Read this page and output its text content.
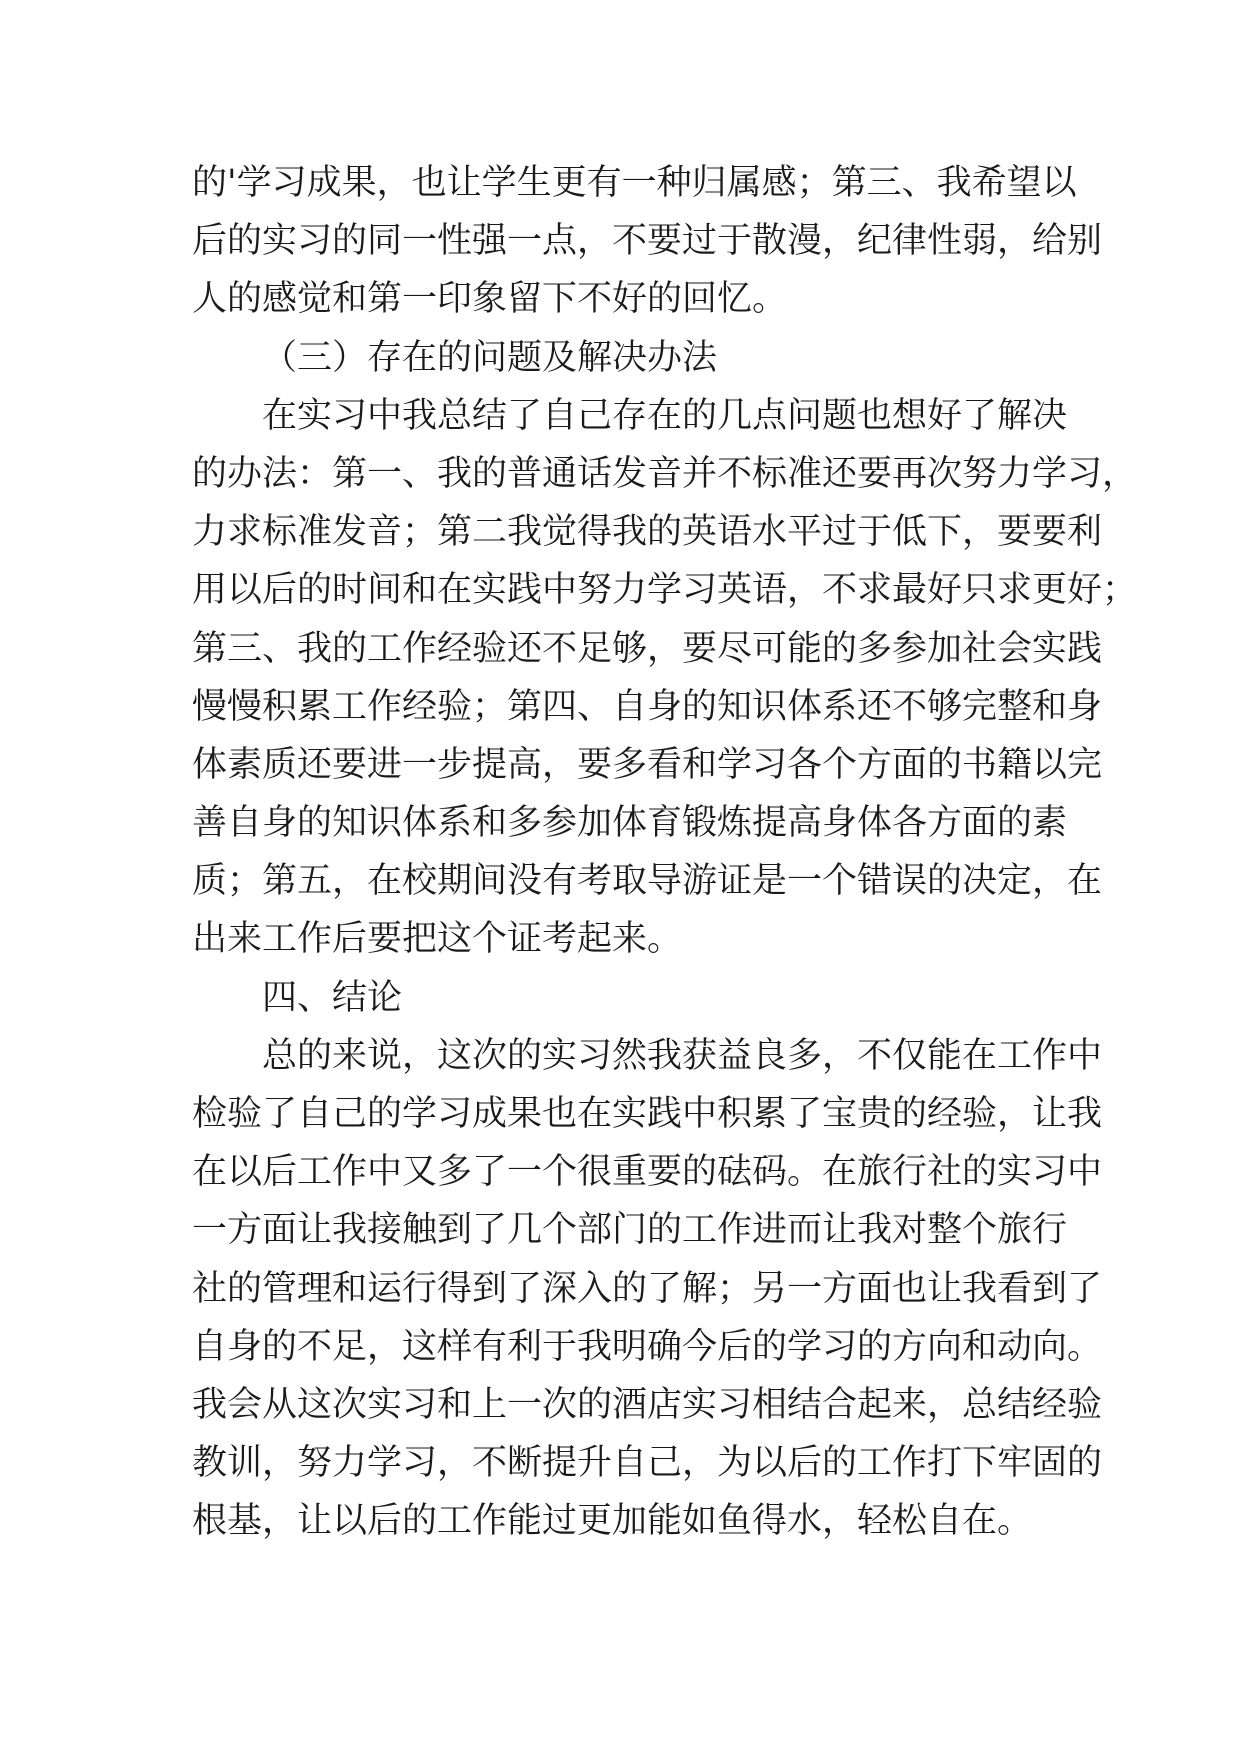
的'学习成果，也让学生更有一种归属感；第三、我希望以
后的实习的同一性强一点，不要过于散漫，纪律性弱，给别
人的感觉和第一印象留下不好的回忆。
（三）存在的问题及解决办法
在实习中我总结了自己存在的几点问题也想好了解决
的办法：第一、我的普通话发音并不标准还要再次努力学习，
力求标准发音；第二我觉得我的英语水平过于低下，要要利
用以后的时间和在实践中努力学习英语，不求最好只求更好；
第三、我的工作经验还不足够，要尽可能的多参加社会实践
慢慢积累工作经验；第四、自身的知识体系还不够完整和身
体素质还要进一步提高，要多看和学习各个方面的书籍以完
善自身的知识体系和多参加体育锻炼提高身体各方面的素
质；第五，在校期间没有考取导游证是一个错误的决定，在
出来工作后要把这个证考起来。
四、结论
总的来说，这次的实习然我获益良多，不仅能在工作中
检验了自己的学习成果也在实践中积累了宝贵的经验，让我
在以后工作中又多了一个很重要的砝码。在旅行社的实习中
一方面让我接触到了几个部门的工作进而让我对整个旅行
社的管理和运行得到了深入的了解；另一方面也让我看到了
自身的不足，这样有利于我明确今后的学习的方向和动向。
我会从这次实习和上一次的酒店实习相结合起来，总结经验
教训，努力学习，不断提升自己，为以后的工作打下牢固的
根基，让以后的工作能过更加能如鱼得水，轻松自在。
